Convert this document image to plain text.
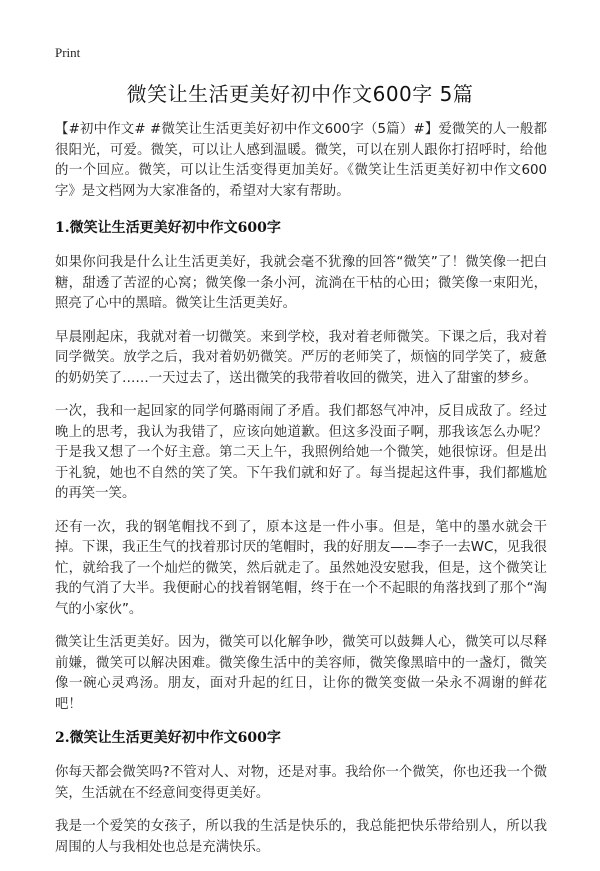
Print
微笑让生活更美好初中作文600字 5篇

【#初中作文# #微笑让生活更美好初中作文600字（5篇）#】爱微笑的人一般都很阳光，可爱。微笑，可以让人感到温暖。微笑，可以在别人跟你打招呼时，给他的一个回应。微笑，可以让生活变得更加美好。《微笑让生活更美好初中作文600字》是文档网为大家准备的，希望对大家有帮助。

1.微笑让生活更美好初中作文600字

如果你问我是什么让生活更美好，我就会毫不犹豫的回答“微笑”了！微笑像一把白糖，甜透了苦涩的心窝；微笑像一条小河，流淌在干枯的心田；微笑像一束阳光，照亮了心中的黑暗。微笑让生活更美好。

早晨刚起床，我就对着一切微笑。来到学校，我对着老师微笑。下课之后，我对着同学微笑。放学之后，我对着奶奶微笑。严厉的老师笑了，烦恼的同学笑了，疲惫的奶奶笑了……一天过去了，送出微笑的我带着收回的微笑，进入了甜蜜的梦乡。

一次，我和一起回家的同学何璐雨闹了矛盾。我们都怒气冲冲，反目成敌了。经过晚上的思考，我认为我错了，应该向她道歉。但这多没面子啊，那我该怎么办呢？于是我又想了一个好主意。第二天上午，我照例给她一个微笑，她很惊讶。但是出于礼貌，她也不自然的笑了笑。下午我们就和好了。每当提起这件事，我们都尴尬的再笑一笑。

还有一次，我的钢笔帽找不到了，原本这是一件小事。但是，笔中的墨水就会干掉。下课，我正生气的找着那讨厌的笔帽时，我的好朋友——李子一去WC，见我很忙，就给我了一个灿烂的微笑，然后就走了。虽然她没安慰我，但是，这个微笑让我的气消了大半。我便耐心的找着钢笔帽，终于在一个不起眼的角落找到了那个“淘气的小家伙”。

微笑让生活更美好。因为，微笑可以化解争吵，微笑可以鼓舞人心，微笑可以尽释前嫌，微笑可以解决困难。微笑像生活中的美容师，微笑像黑暗中的一盏灯，微笑像一碗心灵鸡汤。朋友，面对升起的红日，让你的微笑变做一朵永不凋谢的鲜花吧！

2.微笑让生活更美好初中作文600字

你每天都会微笑吗?不管对人、对物，还是对事。我给你一个微笑，你也还我一个微笑，生活就在不经意间变得更美好。

我是一个爱笑的女孩子，所以我的生活是快乐的，我总能把快乐带给别人，所以我周围的人与我相处也总是充满快乐。
